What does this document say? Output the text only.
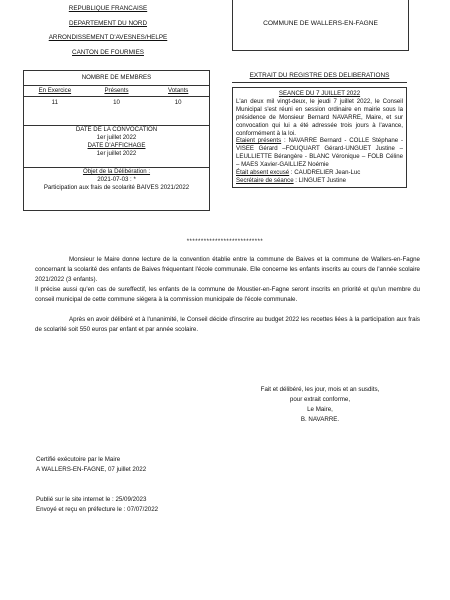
REPUBLIQUE FRANCAISE
DEPARTEMENT DU NORD
ARRONDISSEMENT D'AVESNES/HELPE
CANTON DE FOURMIES
COMMUNE DE WALLERS-EN-FAGNE
NOMBRE DE MEMBRES
En Exercice	Présents	Votants
11	10	10
DATE DE LA CONVOCATION
1er juillet 2022
DATE D'AFFICHAGE
1er juillet 2022
Objet de la Délibération :
2021-07-03 : *
Participation aux frais de scolarité BAIVES 2021/2022
EXTRAIT DU REGISTRE DES DELIBERATIONS
SEANCE DU 7 JUILLET 2022
L'an deux mil vingt-deux, le jeudi 7 juillet 2022, le Conseil Municipal s'est réuni en session ordinaire en mairie sous la présidence de Monsieur Bernard NAVARRE, Maire, et sur convocation qui lui a été adressée trois jours à l'avance, conformément à la loi.
Etaient présents : NAVARRE Bernard - COLLE Stéphane - VISEE Gérard –FOUQUART Gérard-UNGUET Justine – LEULLIETTE Bérangère - BLANC Véronique – FOLB Céline – MAES Xavier-GAILLIEZ Noémie
Était absent excusé : CAUDRELIER Jean-Luc
Secrétaire de séance : LINGUET Justine
***************************

Monsieur le Maire donne lecture de la convention établie entre la commune de Baives et la commune de Wallers-en-Fagne concernant la scolarité des enfants de Baives fréquentant l'école communale. Elle concerne les enfants inscrits au cours de l'année scolaire 2021/2022 (3 enfants).

Il précise aussi qu'en cas de sureffectif, les enfants de la commune de Moustier-en-Fagne seront inscrits en priorité et qu'un membre du conseil municipal de cette commune siégera à la commission municipale de l'école communale.

Après en avoir délibéré et à l'unanimité, le Conseil décide d'inscrire au budget 2022 les recettes liées à la participation aux frais de scolarité soit 550 euros par enfant et par année scolaire.

Fait et délibéré, les jour, mois et an susdits,
pour extrait conforme,
Le Maire,
B. NAVARRE.
Certifié exécutoire par le Maire
A WALLERS-EN-FAGNE, 07 juillet 2022
Publié sur le site internet le : 25/09/2023
Envoyé et reçu en préfecture le : 07/07/2022
